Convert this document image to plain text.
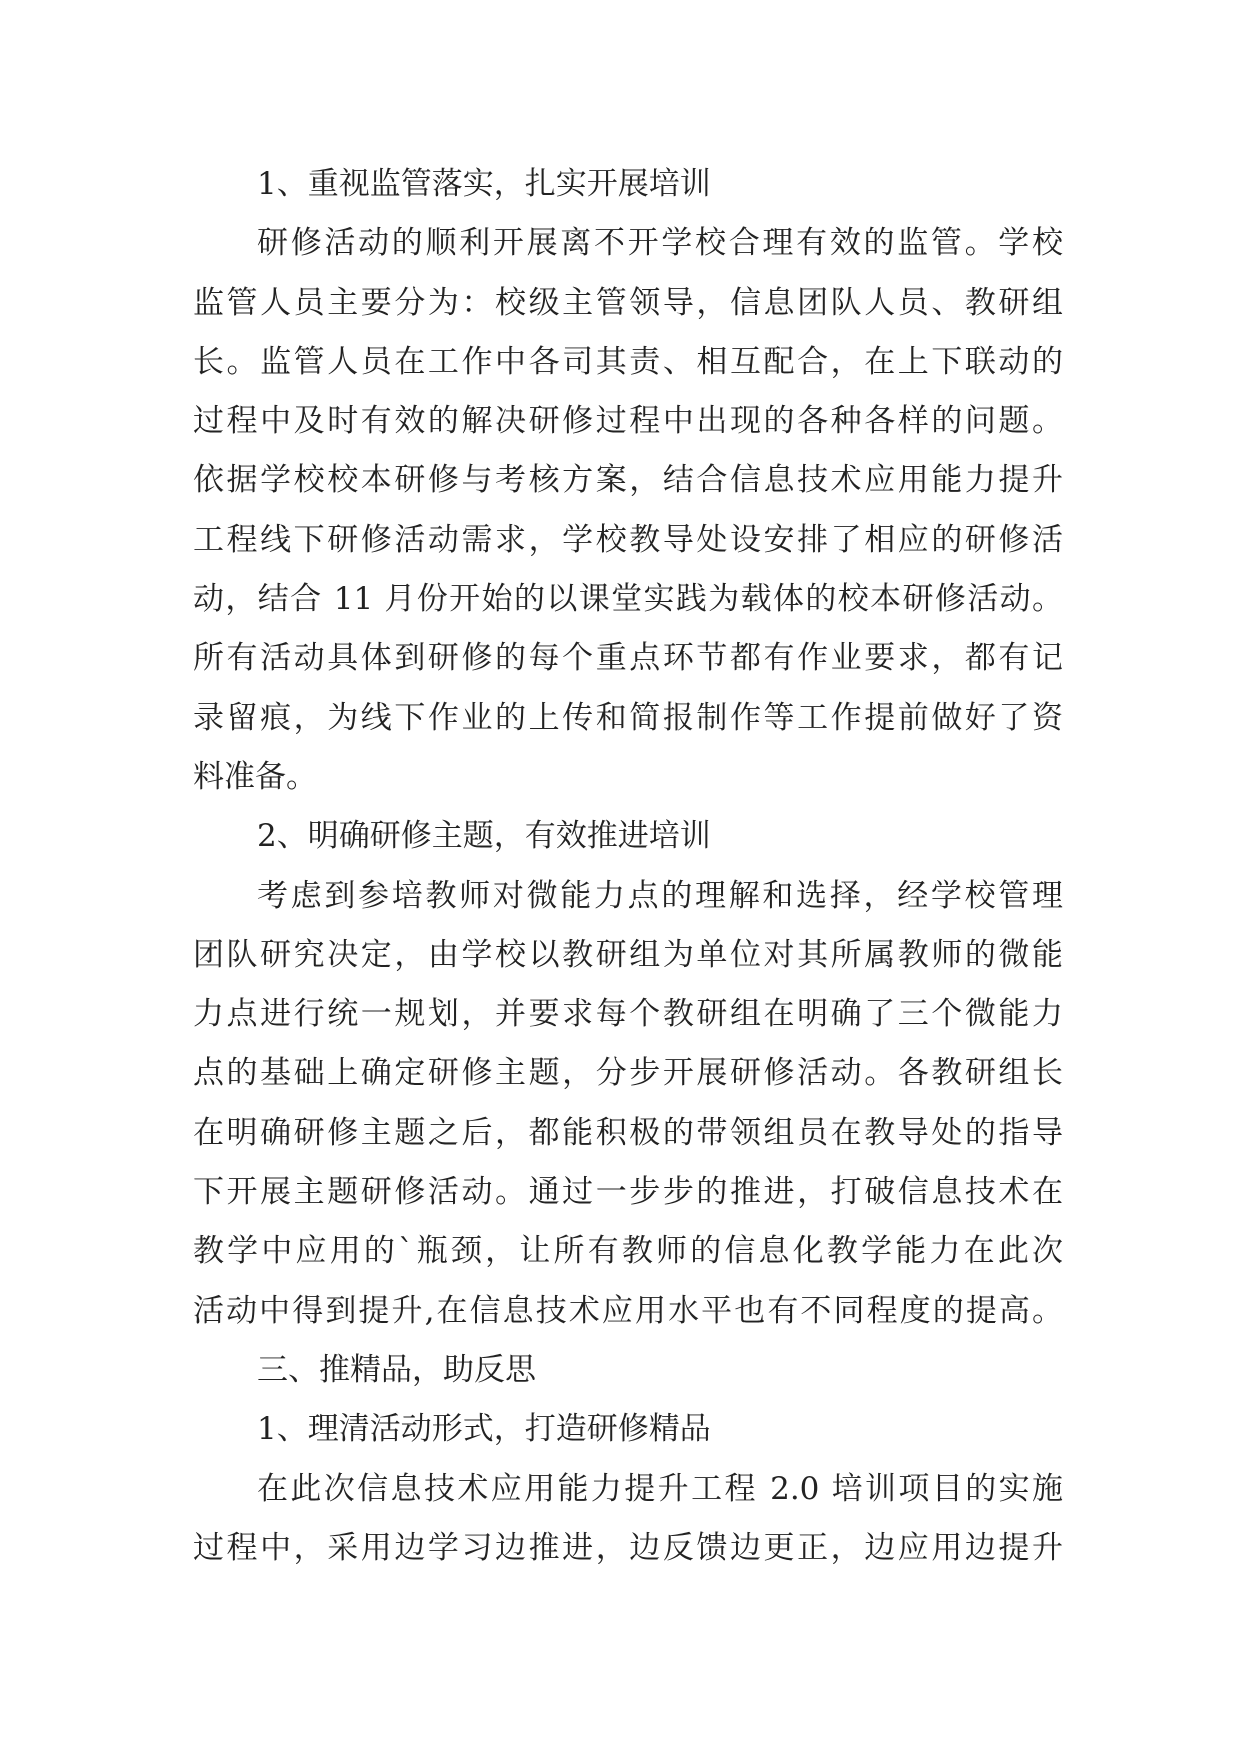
1、重视监管落实，扎实开展培训
研修活动的顺利开展离不开学校合理有效的监管。学校
监管人员主要分为：校级主管领导，信息团队人员、教研组
长。监管人员在工作中各司其责、相互配合，在上下联动的
过程中及时有效的解决研修过程中出现的各种各样的问题。
依据学校校本研修与考核方案，结合信息技术应用能力提升
工程线下研修活动需求，学校教导处设安排了相应的研修活
动，结合 11 月份开始的以课堂实践为载体的校本研修活动。
所有活动具体到研修的每个重点环节都有作业要求，都有记
录留痕，为线下作业的上传和简报制作等工作提前做好了资
料准备。
2、明确研修主题，有效推进培训
考虑到参培教师对微能力点的理解和选择，经学校管理
团队研究决定，由学校以教研组为单位对其所属教师的微能
力点进行统一规划，并要求每个教研组在明确了三个微能力
点的基础上确定研修主题，分步开展研修活动。各教研组长
在明确研修主题之后，都能积极的带领组员在教导处的指导
下开展主题研修活动。通过一步步的推进，打破信息技术在
教学中应用的`瓶颈，让所有教师的信息化教学能力在此次
活动中得到提升,在信息技术应用水平也有不同程度的提高。
三、推精品，助反思
1、理清活动形式，打造研修精品
在此次信息技术应用能力提升工程 2.0 培训项目的实施
过程中，采用边学习边推进，边反馈边更正，边应用边提升
